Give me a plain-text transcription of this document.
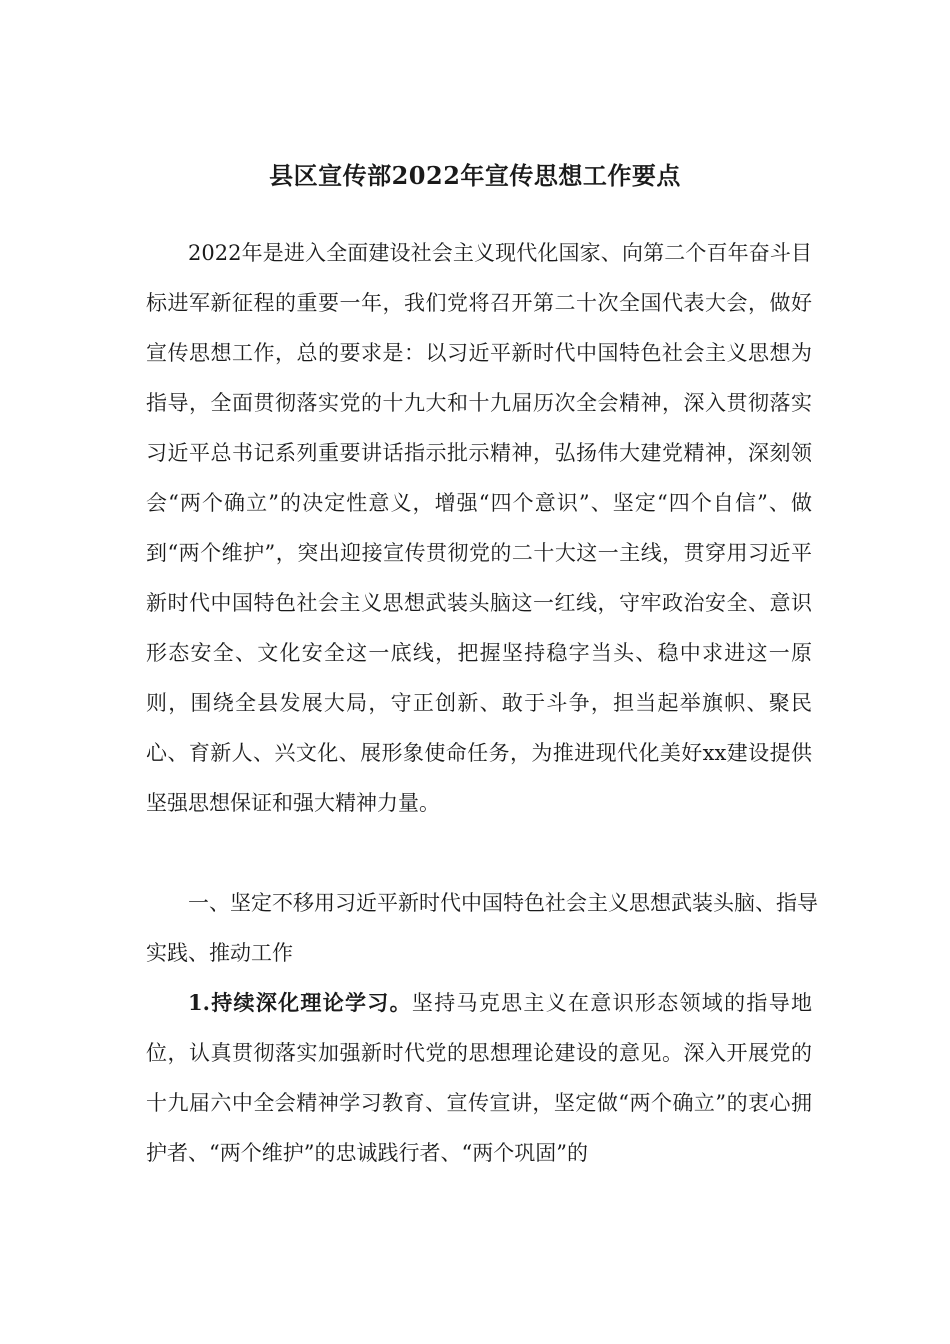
县区宣传部2022年宣传思想工作要点

2022年是进入全面建设社会主义现代化国家、向第二个百年奋斗目标进军新征程的重要一年，我们党将召开第二十次全国代表大会，做好宣传思想工作，总的要求是：以习近平新时代中国特色社会主义思想为指导，全面贯彻落实党的十九大和十九届历次全会精神，深入贯彻落实习近平总书记系列重要讲话指示批示精神，弘扬伟大建党精神，深刻领会“两个确立”的决定性意义，增强“四个意识”、坚定“四个自信”、做到“两个维护”，突出迎接宣传贯彻党的二十大这一主线，贯穿用习近平新时代中国特色社会主义思想武装头脑这一红线，守牢政治安全、意识形态安全、文化安全这一底线，把握坚持稳字当头、稳中求进这一原则，围绕全县发展大局，守正创新、敢于斗争，担当起举旗帜、聚民心、育新人、兴文化、展形象使命任务，为推进现代化美好xx建设提供坚强思想保证和强大精神力量。

一、坚定不移用习近平新时代中国特色社会主义思想武装头脑、指导实践、推动工作

1.持续深化理论学习。坚持马克思主义在意识形态领域的指导地位，认真贯彻落实加强新时代党的思想理论建设的意见。深入开展党的十九届六中全会精神学习教育、宣传宣讲，坚定做“两个确立”的衷心拥护者、“两个维护”的忠诚践行者、“两个巩固”的
